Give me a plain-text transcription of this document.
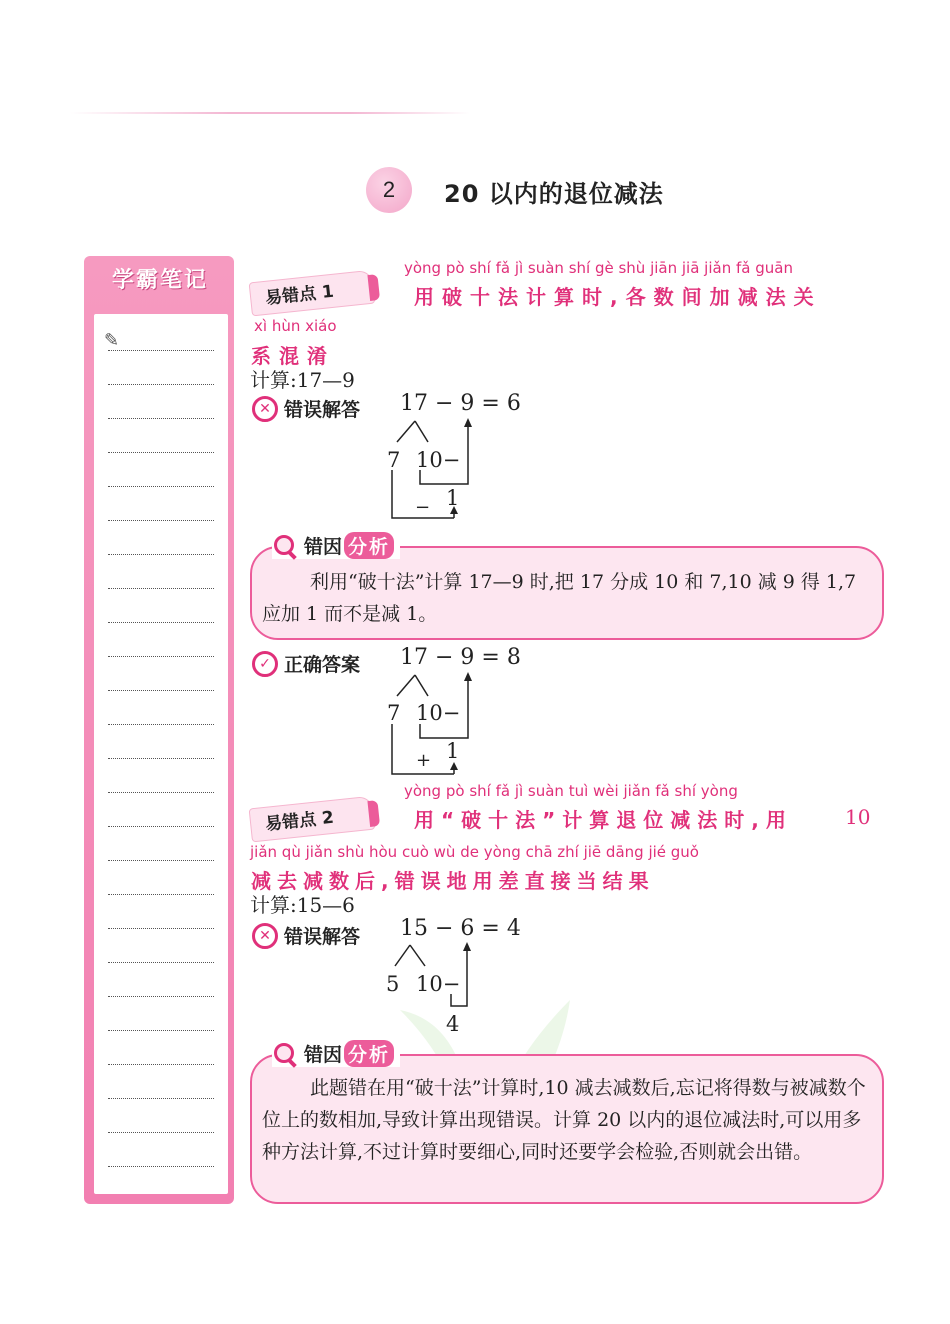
2	20 以内的退位减法
学霸笔记
✎
易错点 1
yòng pò shí fǎ jì suàn shí gè shù jiān jiā jiǎn fǎ guān
用破十法计算时,各数间加减法关
xì hùn xiáo
系混淆
计算:17—9
✕ 错误解答 17 − 9 = 6
7 10−
− 1
错因 分析
利用“破十法”计算 17—9 时,把 17 分成 10 和 7,10 减 9 得 1,7 应加 1 而不是减 1。
✓ 正确答案 17 − 9 = 8
7 10−
+ 1
易错点 2
yòng pò shí fǎ jì suàn tuì wèi jiǎn fǎ shí yòng
用“破十法”计算退位减法时,用	10
jiǎn qù jiǎn shù hòu cuò wù de yòng chā zhí jiē dāng jié guǒ
减去减数后,错误地用差直接当结果
计算:15—6
✕ 错误解答 15 − 6 = 4
5 10−
4
错因 分析
此题错在用“破十法”计算时,10 减去减数后,忘记将得数与被减数个位上的数相加,导致计算出现错误。计算 20 以内的退位减法时,可以用多种方法计算,不过计算时要细心,同时还要学会检验,否则就会出错。
